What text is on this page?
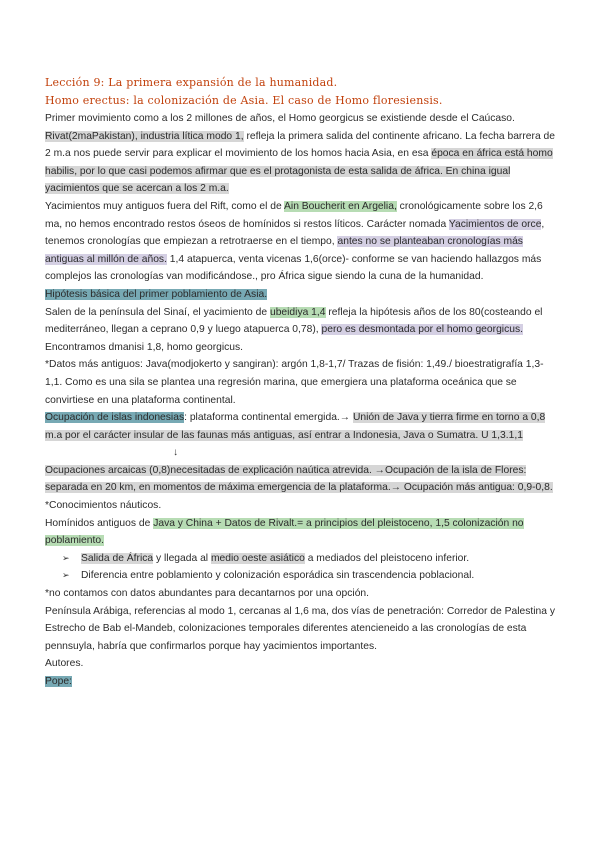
Lección 9: La primera expansión de la humanidad.
Homo erectus: la colonización de Asia. El caso de Homo floresiensis.

Primer movimiento como a los 2 millones de años, el Homo georgicus se existiende desde el Caúcaso. Rivat(2maPakistan), industria lítica modo 1, refleja la primera salida del continente africano. La fecha barrera de 2 m.a nos puede servir para explicar el movimiento de los homos hacia Asia, en esa época en áfrica está homo habilis, por lo que casi podemos afirmar que es el protagonista de esta salida de áfrica. En china igual yacimientos que se acercan a los 2 m.a.

Yacimientos muy antiguos fuera del Rift, como el de Ain Boucherit en Argelia, cronológicamente sobre los 2,6 ma, no hemos encontrado restos óseos de homínidos si restos líticos. Carácter nomada Yacimientos de orce, tenemos cronologías que empiezan a retrotraerse en el tiempo, antes no se planteaban cronologías más antiguas al millón de años. 1,4 atapuerca, venta vicenas 1,6(orce)- conforme se van haciendo hallazgos más complejos las cronologías van modificándose., pro África sigue siendo la cuna de la humanidad.

Hipótesis básica del primer poblamiento de Asia.

Salen de la península del Sinaí, el yacimiento de ubeidiya 1,4 refleja la hipótesis años de los 80(costeando el mediterráneo, llegan a ceprano 0,9 y luego atapuerca 0,78), pero es desmontada por el homo georgicus. Encontramos dmanisi 1,8, homo georgicus.

*Datos más antiguos: Java(modjokerto y sangiran): argón 1,8-1,7/ Trazas de fisión: 1,49./ bioestratigrafía 1,3-1,1. Como es una sila se plantea una regresión marina, que emergiera una plataforma oceánica que se convirtiese en una plataforma continental.

Ocupación de islas indonesias: plataforma continental emergida.→ Unión de Java y tierra firme en torno a 0,8 m.a por el carácter insular de las faunas más antiguas, así entrar a Indonesia, Java o Sumatra. U 1,3.1,1

↓

Ocupaciones arcaicas (0,8)necesitadas de explicación naútica atrevida. →Ocupación de la isla de Flores: separada en 20 km, en momentos de máxima emergencia de la plataforma.→ Ocupación más antigua: 0,9-0,8.

*Conocimientos náuticos.

Homínidos antiguos de Java y China + Datos de Rivalt.= a principios del pleistoceno, 1,5 colonización no poblamiento.

➢ Salida de África y llegada al medio oeste asiático a mediados del pleistoceno inferior.
➢ Diferencia entre poblamiento y colonización esporádica sin trascendencia poblacional.

*no contamos con datos abundantes para decantarnos por una opción.

Península Arábiga, referencias al modo 1, cercanas al 1,6 ma, dos vías de penetración: Corredor de Palestina y Estrecho de Bab el-Mandeb, colonizaciones temporales diferentes atencieneido a las cronologías de esta pennsuyla, habría que confirmarlos porque hay yacimientos importantes.

Autores.

Pope:
